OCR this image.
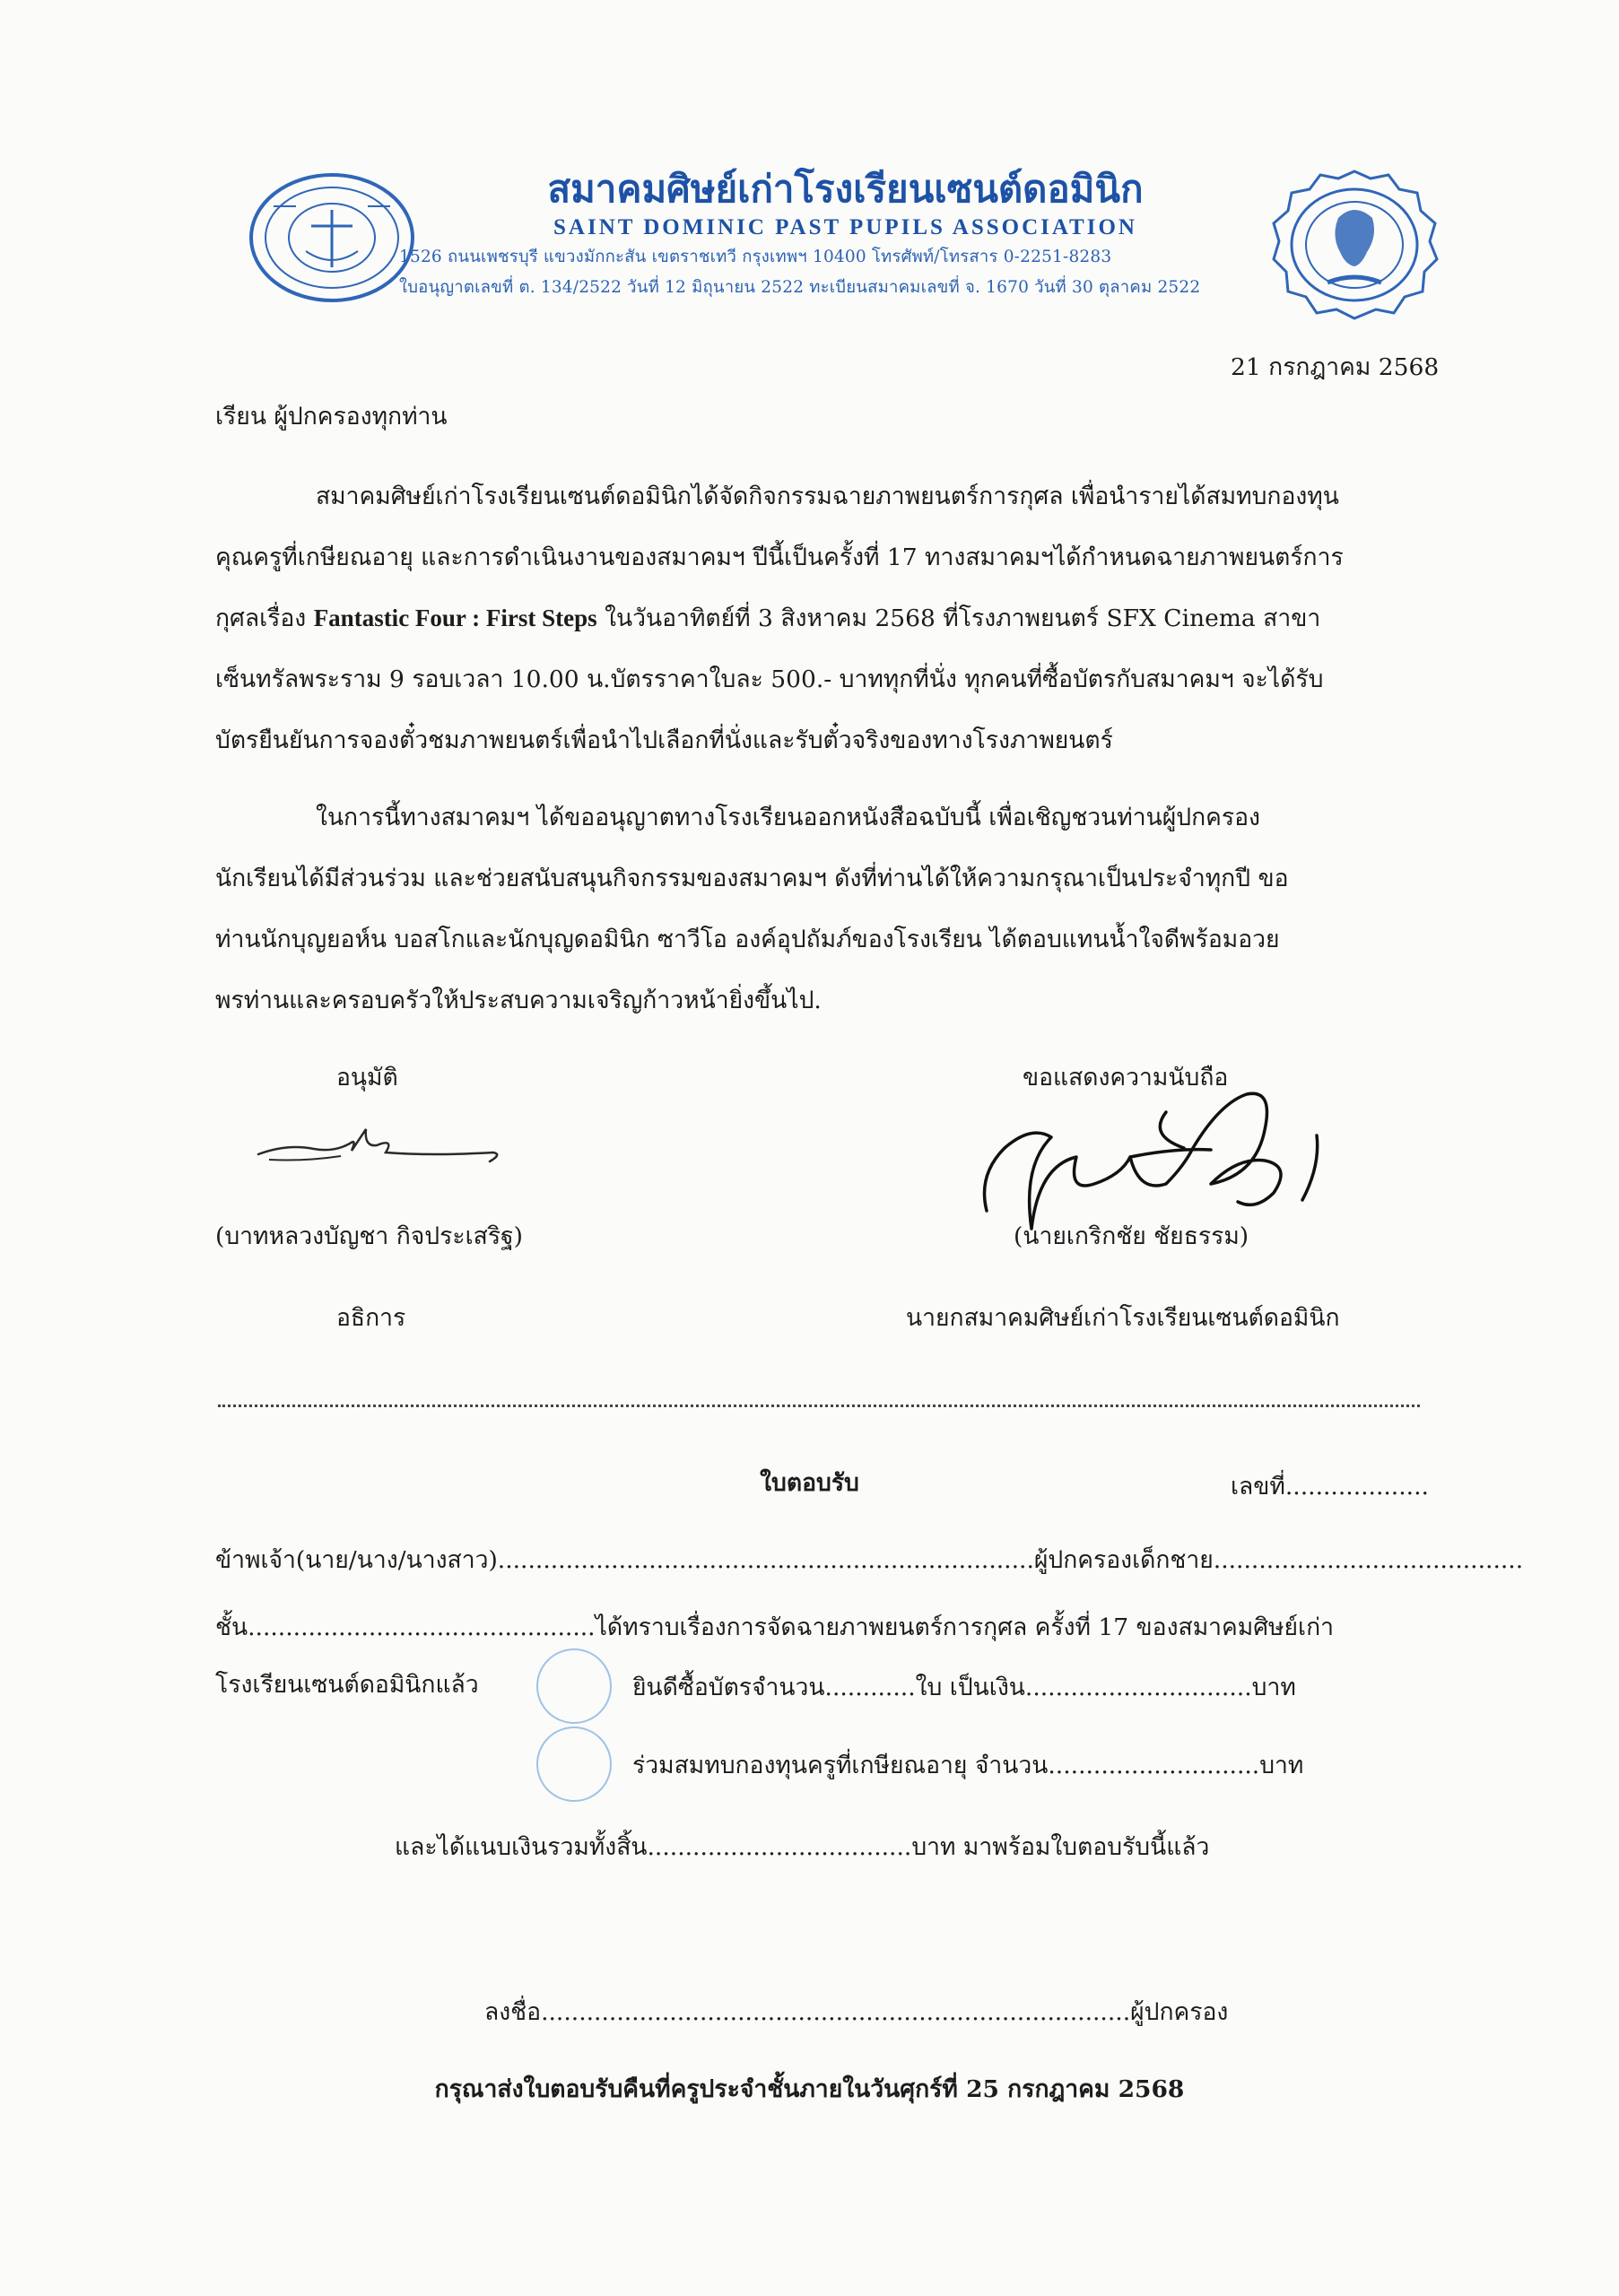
สมาคมศิษย์เก่าโรงเรียนเซนต์ดอมินิก
SAINT DOMINIC PAST PUPILS ASSOCIATION
1526 ถนนเพชรบุรี แขวงมักกะสัน เขตราชเทวี กรุงเทพฯ 10400 โทรศัพท์/โทรสาร 0-2251-8283
ใบอนุญาตเลขที่ ต. 134/2522 วันที่ 12 มิถุนายน 2522 ทะเบียนสมาคมเลขที่ จ. 1670 วันที่ 30 ตุลาคม 2522
21 กรกฎาคม 2568
เรียน ผู้ปกครองทุกท่าน
สมาคมศิษย์เก่าโรงเรียนเซนต์ดอมินิกได้จัดกิจกรรมฉายภาพยนตร์การกุศล เพื่อนำรายได้สมทบกองทุน
คุณครูที่เกษียณอายุ และการดำเนินงานของสมาคมฯ ปีนี้เป็นครั้งที่ 17 ทางสมาคมฯได้กำหนดฉายภาพยนตร์การ
กุศลเรื่อง Fantastic Four : First Steps ในวันอาทิตย์ที่ 3 สิงหาคม 2568 ที่โรงภาพยนตร์ SFX Cinema สาขา
เซ็นทรัลพระราม 9 รอบเวลา 10.00 น.บัตรราคาใบละ 500.- บาททุกที่นั่ง ทุกคนที่ซื้อบัตรกับสมาคมฯ จะได้รับ
บัตรยืนยันการจองตั๋วชมภาพยนตร์เพื่อนำไปเลือกที่นั่งและรับตั๋วจริงของทางโรงภาพยนตร์
ในการนี้ทางสมาคมฯ ได้ขออนุญาตทางโรงเรียนออกหนังสือฉบับนี้ เพื่อเชิญชวนท่านผู้ปกครอง
นักเรียนได้มีส่วนร่วม และช่วยสนับสนุนกิจกรรมของสมาคมฯ ดังที่ท่านได้ให้ความกรุณาเป็นประจำทุกปี ขอ
ท่านนักบุญยอห์น บอสโกและนักบุญดอมินิก ซาวีโอ องค์อุปถัมภ์ของโรงเรียน ได้ตอบแทนน้ำใจดีพร้อมอวย
พรท่านและครอบครัวให้ประสบความเจริญก้าวหน้ายิ่งขึ้นไป.
อนุมัติ
(บาทหลวงบัญชา กิจประเสริฐ)
อธิการ
ขอแสดงความนับถือ
(นายเกริกชัย ชัยธรรม)
นายกสมาคมศิษย์เก่าโรงเรียนเซนต์ดอมินิก
ใบตอบรับ	เลขที่...................
ข้าพเจ้า(นาย/นาง/นางสาว).......................................................................ผู้ปกครองเด็กชาย.........................................
ชั้น..............................................ได้ทราบเรื่องการจัดฉายภาพยนตร์การกุศล ครั้งที่ 17 ของสมาคมศิษย์เก่า
โรงเรียนเซนต์ดอมินิกแล้ว	ยินดีซื้อบัตรจำนวน............ใบ เป็นเงิน..............................บาท
ร่วมสมทบกองทุนครูที่เกษียณอายุ จำนวน............................บาท
และได้แนบเงินรวมทั้งสิ้น...................................บาท มาพร้อมใบตอบรับนี้แล้ว
ลงชื่อ..............................................................................ผู้ปกครอง
กรุณาส่งใบตอบรับคืนที่ครูประจำชั้นภายในวันศุกร์ที่ 25 กรกฎาคม 2568
